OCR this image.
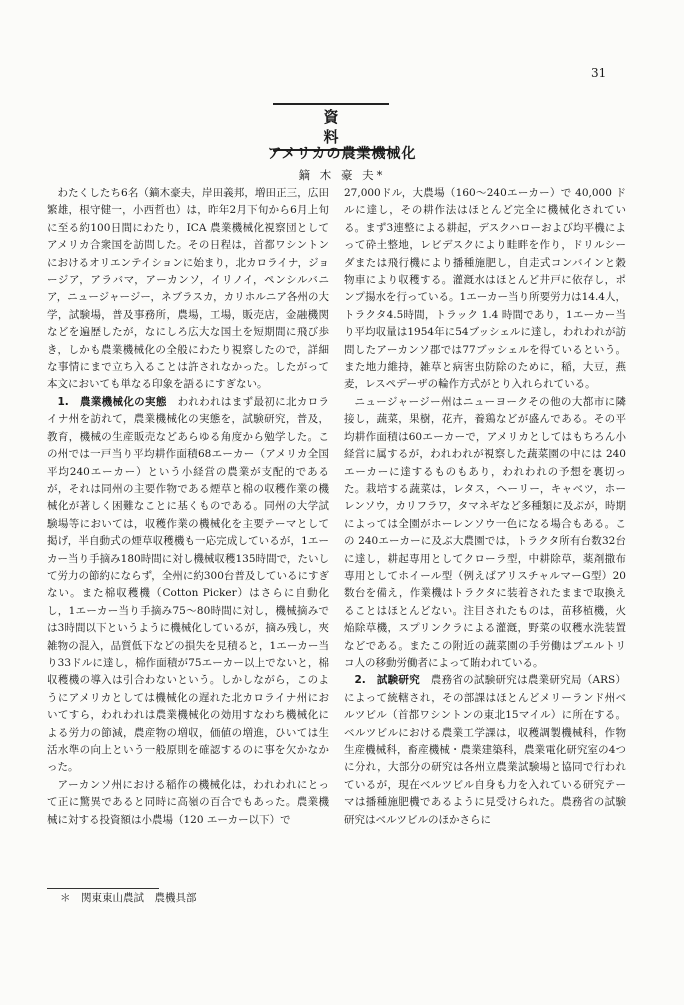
31
資　料
アメリカの農業機械化
鏑 木 豪 夫*

わたくしたち6名（鏑木豪夫，岸田義邦，増田正三，広田繁雄，根守健一，小西哲也）は，昨年2月下旬から6月上旬に至る約100日間にわたり，ICA 農業機械化視察団としてアメリカ合衆国を訪問した。その日程は，首都ワシントンにおけるオリエンテイションに始まり，北カロライナ，ジョージア，アラバマ，アーカンソ，イリノイ，ペンシルバニア，ニュージャージー，ネブラスカ，カリホルニア各州の大学，試験場，普及事務所，農場，工場，販売店，金融機関などを遍歴したが，なにしろ広大な国土を短期間に飛び歩き，しかも農業機械化の全般にわたり視察したので，詳細な事情にまで立ち入ることは許されなかった。したがって本文においても単なる印象を語るにすぎない。

1.　農業機械化の実態　 われわれはまず最初に北カロライナ州を訪れて，農業機械化の実態を，試験研究，普及，教育，機械の生産販売などあらゆる角度から勉学した。この州では一戸当り平均耕作面積68エーカー（アメリカ全国平均240エーカー）という小経営の農業が支配的であるが，それは同州の主要作物である煙草と棉の収穫作業の機械化が著しく困難なことに基くものである。同州の大学試験場等においては，収穫作業の機械化を主要テーマとして掲げ，半自動式の煙草収穫機も一応完成しているが，1エーカー当り手摘み180時間に対し機械収穫135時間で，たいして労力の節約にならず，全州に約300台普及しているにすぎない。また棉収穫機（Cotton Picker）はさらに自動化し，1エーカー当り手摘み75～80時間に対し，機械摘みでは3時間以下というように機械化しているが，摘み残し，夾雑物の混入，品質低下などの損失を見積ると，1エーカー当り33ドルに達し，棉作面積が75エーカー以上でないと，棉収穫機の導入は引合わないという。しかしながら，このようにアメリカとしては機械化の遅れた北カロライナ州においてすら，われわれは農業機械化の効用すなわち機械化による労力の節減，農産物の増収，価値の増進，ひいては生活水準の向上という一般原則を確認するのに事を欠かなかった。

アーカンソ州における稲作の機械化は，われわれにとって正に驚異であると同時に高嶺の百合でもあった。農業機械に対する投資額は小農場（120 エーカー以下）で

27,000ドル，大農場（160～240エーカー）で 40,000 ドルに達し，その耕作法はほとんど完全に機械化されている。まず3連整による耕起，デスクハローおよび均平機によって砕土整地，レビデスクにより畦畔を作り，ドリルシーダまたは飛行機により播種施肥し，自走式コンバインと穀物車により収穫する。灌漑水はほとんど井戸に依存し，ポンプ揚水を行っている。1エーカー当り所要労力は14.4人，トラクタ4.5時間，トラック 1.4 時間であり，1エーカー当り平均収量は1954年に54ブッシェルに達し，われわれが訪問したアーカンソ郡では77ブッシェルを得ているという。また地力維持，雑草と病害虫防除のために，稲，大豆，燕麦，レスペデーザの輪作方式がとり入れられている。

ニュージャージー州はニューヨークその他の大都市に隣接し，蔬菜，果樹，花卉，養鶏などが盛んである。その平均耕作面積は60エーカーで，アメリカとしてはもちろん小経営に属するが，われわれが視察した蔬菜園の中には 240エーカーに達するものもあり，われわれの予想を裏切った。栽培する蔬菜は，レタス，ヘーリー，キャベツ，ホーレンソウ，カリフラワ，タマネギなど多種類に及ぶが，時期によっては全園がホーレンソウ一色になる場合もある。この 240エーカーに及ぶ大農園では，トラクタ所有台数32台に達し，耕起専用としてクローラ型，中耕除草，薬剤撒布専用としてホイール型（例えばアリスチャルマーG型）20数台を備え，作業機はトラクタに装着されたままで取換えることはほとんどない。注目されたものは，苗移植機，火焔除草機，スプリンクラによる灌漑，野菜の収穫水洗装置などである。またこの附近の蔬菜園の手労働はプエルトリコ人の移動労働者によって賄われている。

2.　試験研究　 農務省の試験研究は農業研究局（ARS）によって統轄され，その部課はほとんどメリーランド州ベルツビル（首都ワシントンの東北15マイル）に所在する。ベルツビルにおける農業工学課は，収穫調製機械科，作物生産機械科，畜産機械・農業建築科，農業電化研究室の4つに分れ，大部分の研究は各州立農業試験場と協同で行われているが，現在ベルツビル自身も力を入れている研究テーマは播種施肥機であるように見受けられた。農務省の試験研究はベルツビルのほかさらに

＊　関東東山農試　農機具部
